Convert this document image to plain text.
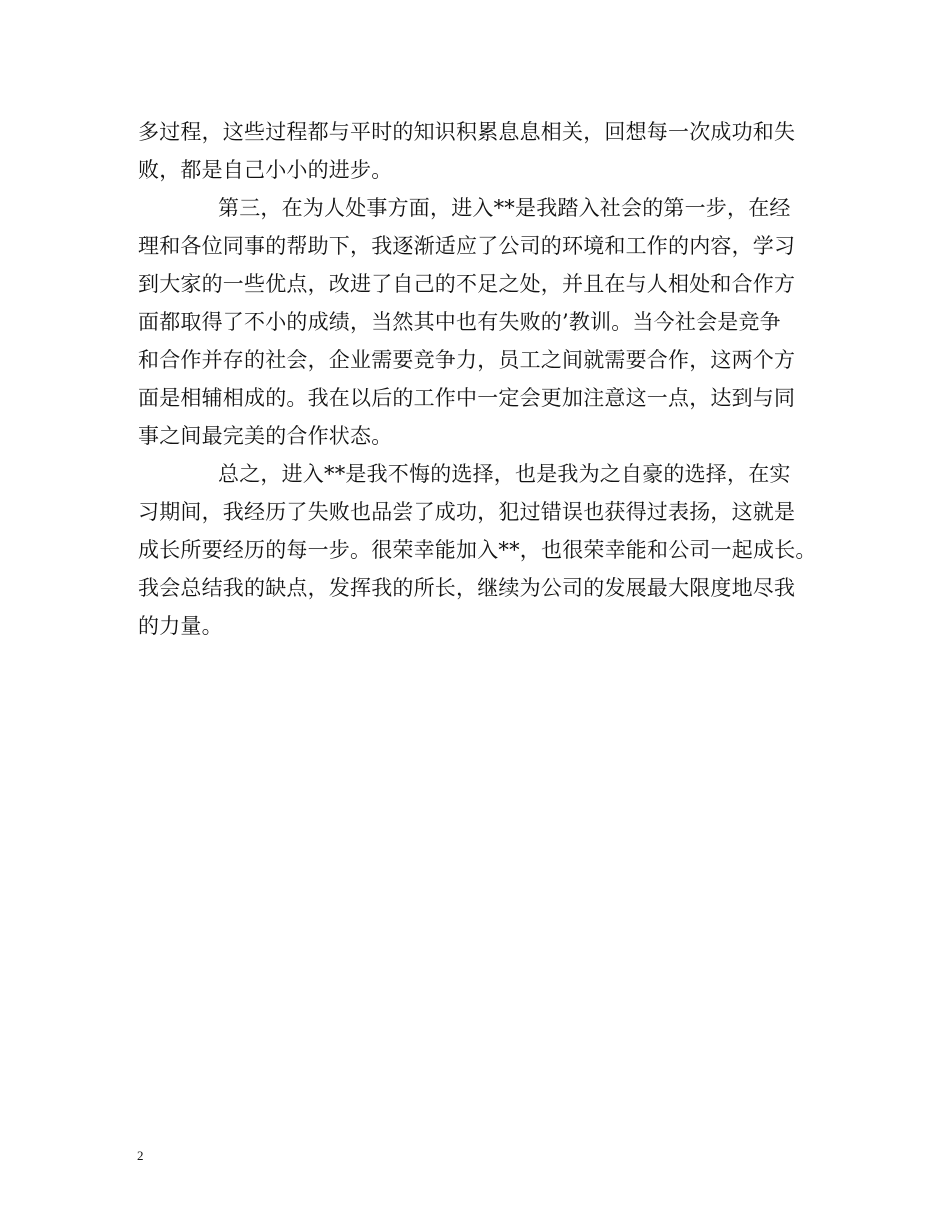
多过程，这些过程都与平时的知识积累息息相关，回想每一次成功和失
败，都是自己小小的进步。
第三，在为人处事方面，进入**是我踏入社会的第一步，在经
理和各位同事的帮助下，我逐渐适应了公司的环境和工作的内容，学习
到大家的一些优点，改进了自己的不足之处，并且在与人相处和合作方
面都取得了不小的成绩，当然其中也有失败的’教训。当今社会是竞争
和合作并存的社会，企业需要竞争力，员工之间就需要合作，这两个方
面是相辅相成的。我在以后的工作中一定会更加注意这一点，达到与同
事之间最完美的合作状态。
总之，进入**是我不悔的选择，也是我为之自豪的选择，在实
习期间，我经历了失败也品尝了成功，犯过错误也获得过表扬，这就是
成长所要经历的每一步。很荣幸能加入**，也很荣幸能和公司一起成长。
我会总结我的缺点，发挥我的所长，继续为公司的发展最大限度地尽我
的力量。
2
